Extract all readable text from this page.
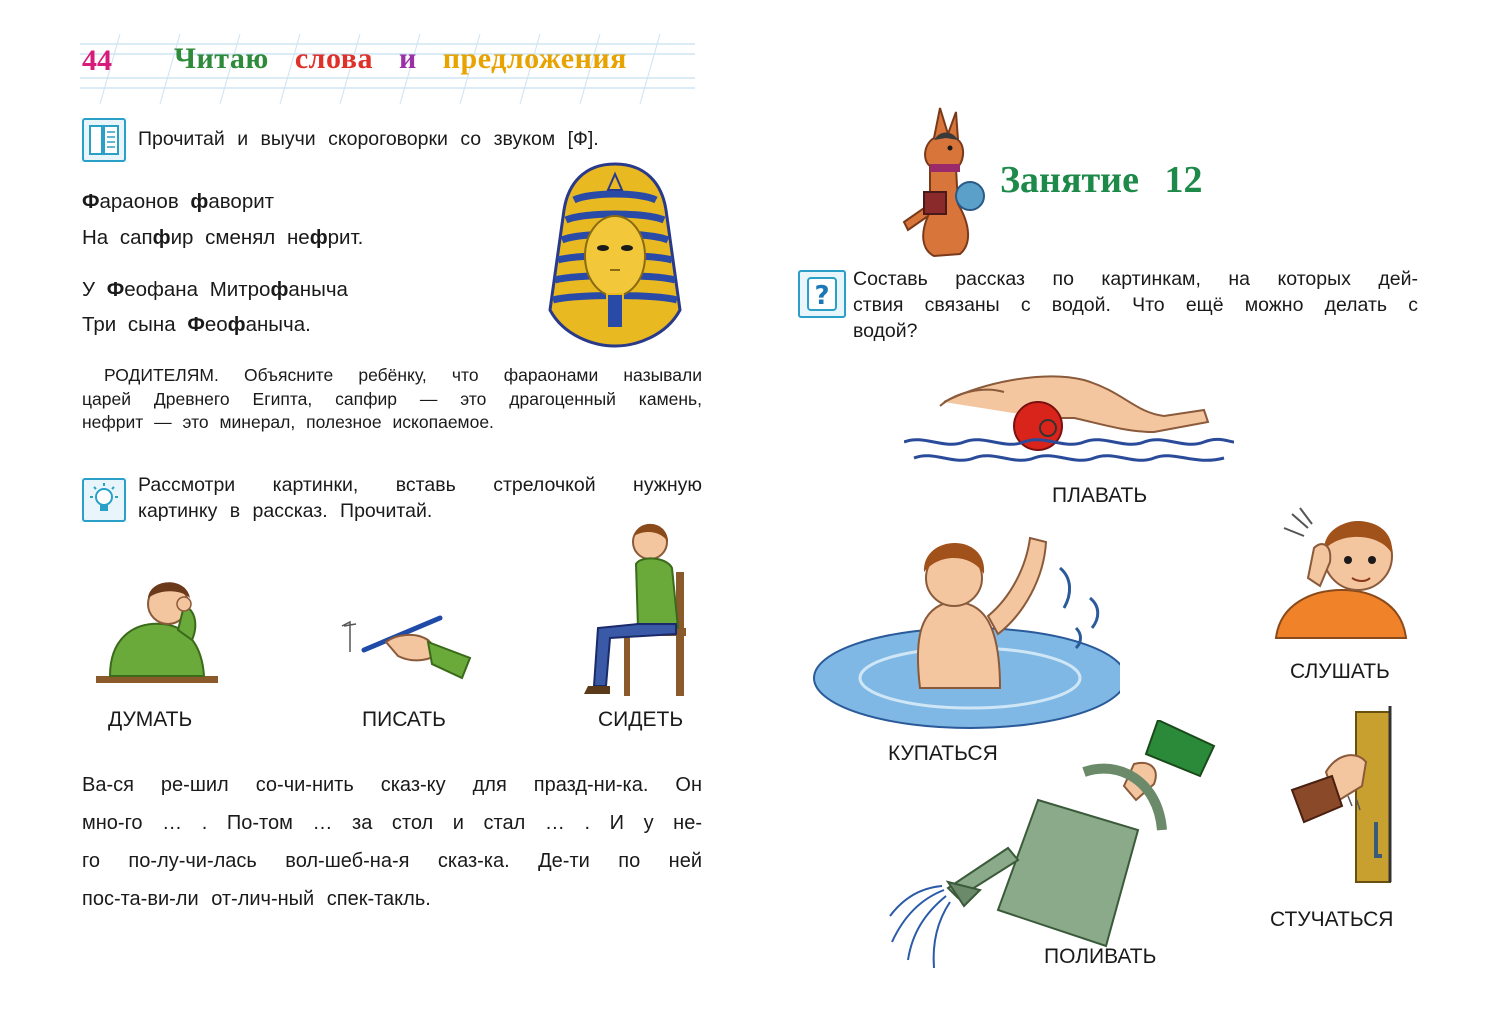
44 Читаю слова и предложения
Прочитай и выучи скороговорки со звуком [Ф].
Фараонов фаворит
На сапфир сменял нефрит.
У Феофана Митрофаныча
Три сына Феофаныча.
РОДИТЕЛЯМ. Объясните ребёнку, что фараонами называли
царей Древнего Египта, сапфир — это драгоценный камень,
нефрит — это минерал, полезное ископаемое.
Рассмотри картинки, вставь стрелочкой нужную
картинку в рассказ. Прочитай.
ДУМАТЬ	ПИСАТЬ	СИДЕТЬ
Ва-ся ре-шил со-чи-нить сказ-ку для празд-ни-ка. Он
мно-го … . По-том … за стол и стал … . И у не-
го по-лу-чи-лась вол-шеб-на-я сказ-ка. Де-ти по ней
пос-та-ви-ли от-лич-ный спек-такль.
Занятие 12
?
Составь рассказ по картинкам, на которых дей-
ствия связаны с водой. Что ещё можно делать с
водой?
ПЛАВАТЬ
СЛУШАТЬ
КУПАТЬСЯ
ПОЛИВАТЬ
СТУЧАТЬСЯ
